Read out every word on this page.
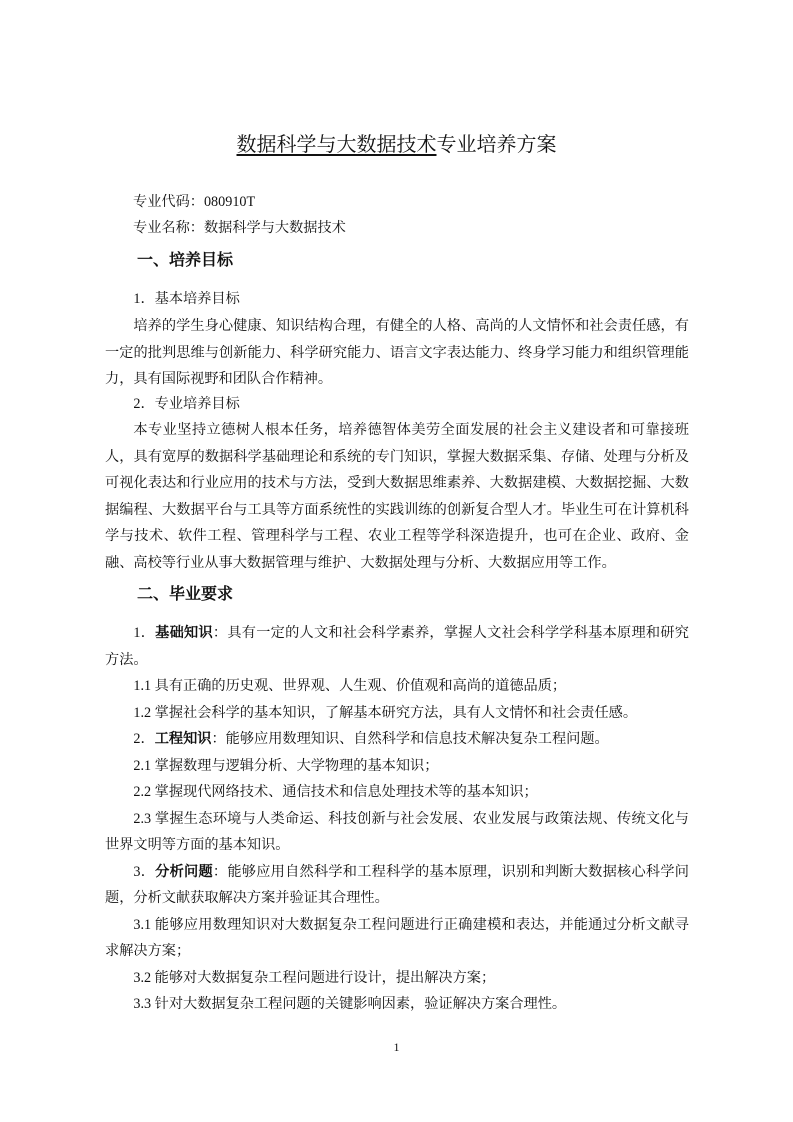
数据科学与大数据技术专业培养方案
专业代码：080910T
专业名称：数据科学与大数据技术
一、培养目标
1．基本培养目标
培养的学生身心健康、知识结构合理，有健全的人格、高尚的人文情怀和社会责任感，有一定的批判思维与创新能力、科学研究能力、语言文字表达能力、终身学习能力和组织管理能力，具有国际视野和团队合作精神。
2．专业培养目标
本专业坚持立德树人根本任务，培养德智体美劳全面发展的社会主义建设者和可靠接班人，具有宽厚的数据科学基础理论和系统的专门知识，掌握大数据采集、存储、处理与分析及可视化表达和行业应用的技术与方法，受到大数据思维素养、大数据建模、大数据挖掘、大数据编程、大数据平台与工具等方面系统性的实践训练的创新复合型人才。毕业生可在计算机科学与技术、软件工程、管理科学与工程、农业工程等学科深造提升，也可在企业、政府、金融、高校等行业从事大数据管理与维护、大数据处理与分析、大数据应用等工作。
二、毕业要求
1．基础知识：具有一定的人文和社会科学素养，掌握人文社会科学学科基本原理和研究方法。
1.1 具有正确的历史观、世界观、人生观、价值观和高尚的道德品质；
1.2 掌握社会科学的基本知识，了解基本研究方法，具有人文情怀和社会责任感。
2．工程知识：能够应用数理知识、自然科学和信息技术解决复杂工程问题。
2.1 掌握数理与逻辑分析、大学物理的基本知识；
2.2 掌握现代网络技术、通信技术和信息处理技术等的基本知识；
2.3 掌握生态环境与人类命运、科技创新与社会发展、农业发展与政策法规、传统文化与世界文明等方面的基本知识。
3．分析问题：能够应用自然科学和工程科学的基本原理，识别和判断大数据核心科学问题，分析文献获取解决方案并验证其合理性。
3.1 能够应用数理知识对大数据复杂工程问题进行正确建模和表达，并能通过分析文献寻求解决方案；
3.2 能够对大数据复杂工程问题进行设计，提出解决方案；
3.3 针对大数据复杂工程问题的关键影响因素，验证解决方案合理性。
1
